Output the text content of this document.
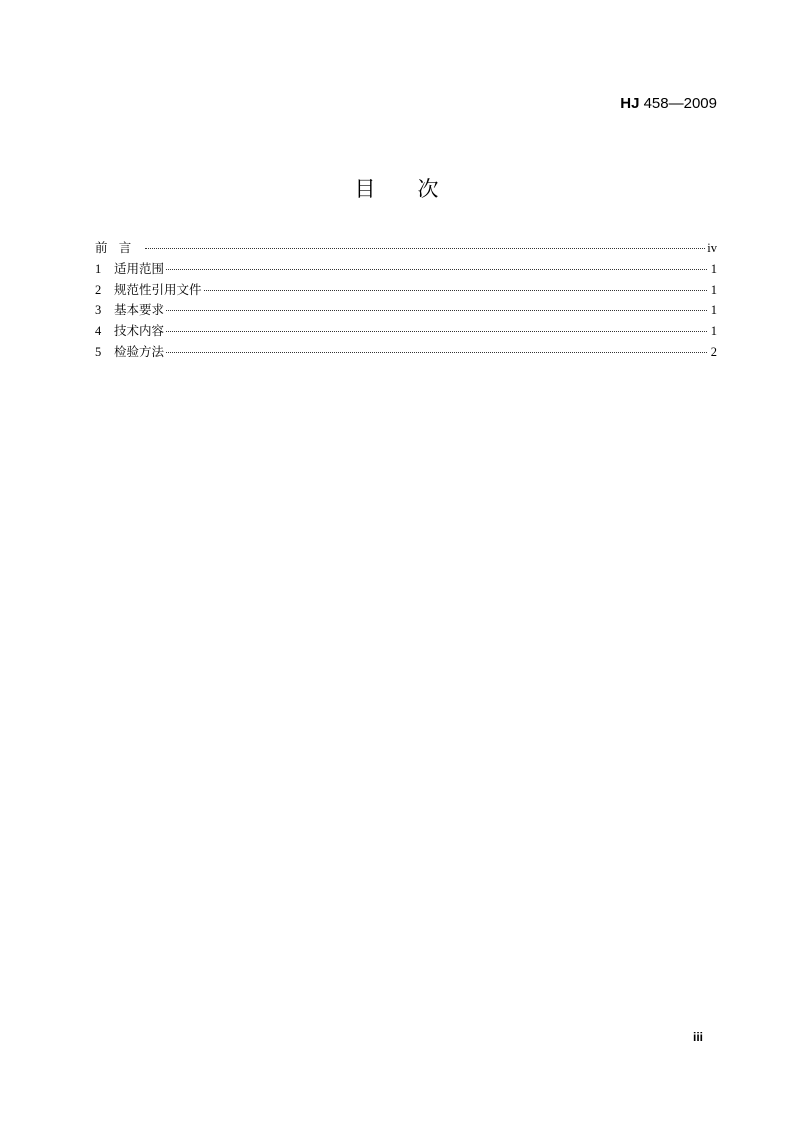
HJ 458—2009
目 次
前言	iv
1	适用范围	1
2	规范性引用文件	1
3	基本要求	1
4	技术内容	1
5	检验方法	2
iii
